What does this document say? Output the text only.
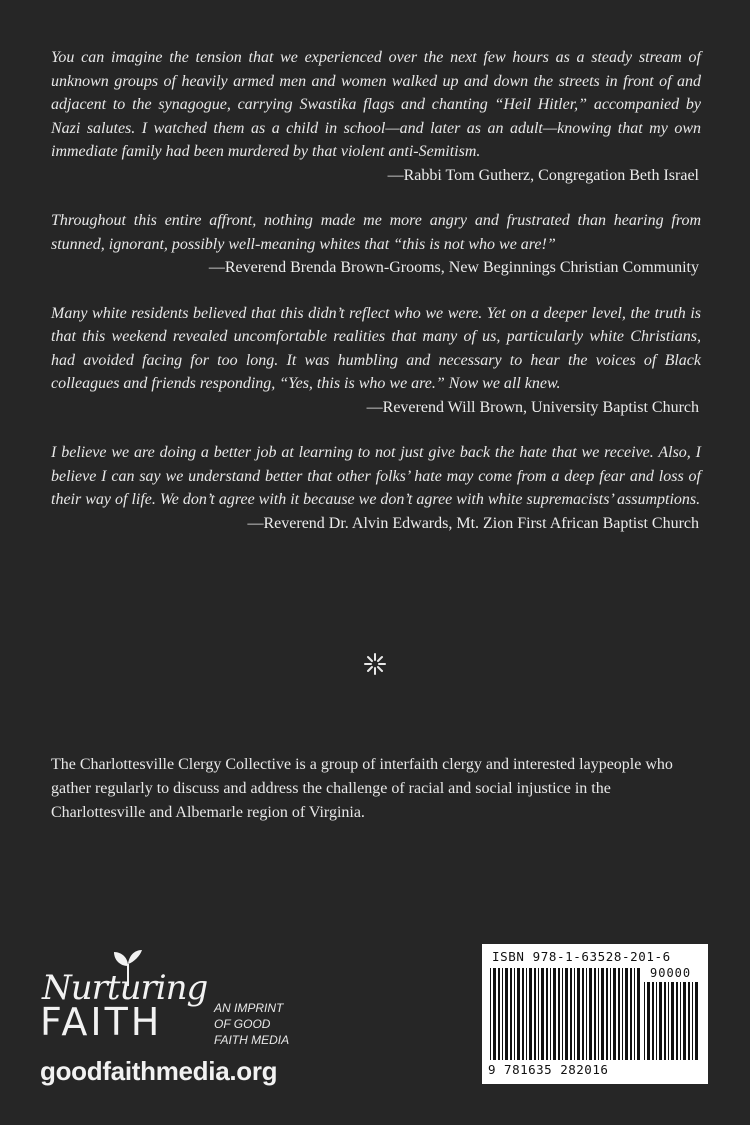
You can imagine the tension that we experienced over the next few hours as a steady stream of unknown groups of heavily armed men and women walked up and down the streets in front of and adjacent to the synagogue, carrying Swastika flags and chanting “Heil Hitler,” accompanied by Nazi salutes. I watched them as a child in school—and later as an adult—knowing that my own immediate family had been murdered by that violent anti-Semitism.

—Rabbi Tom Gutherz, Congregation Beth Israel

Throughout this entire affront, nothing made me more angry and frustrated than hearing from stunned, ignorant, possibly well-meaning whites that “this is not who we are!”

—Reverend Brenda Brown-Grooms, New Beginnings Christian Community

Many white residents believed that this didn’t reflect who we were. Yet on a deeper level, the truth is that this weekend revealed uncomfortable realities that many of us, particularly white Christians, had avoided facing for too long. It was humbling and necessary to hear the voices of Black colleagues and friends responding, “Yes, this is who we are.” Now we all knew.

—Reverend Will Brown, University Baptist Church

I believe we are doing a better job at learning to not just give back the hate that we receive. Also, I believe I can say we understand better that other folks’ hate may come from a deep fear and loss of their way of life. We don’t agree with it because we don’t agree with white supremacists’ assumptions.

—Reverend Dr. Alvin Edwards, Mt. Zion First African Baptist Church

The Charlottesville Clergy Collective is a group of interfaith clergy and interested laypeople who gather regularly to discuss and address the challenge of racial and social injustice in the Charlottesville and Albemarle region of Virginia.

Nurturing
FAITH	AN IMPRINT
OF GOOD
FAITH MEDIA
goodfaithmedia.org
ISBN 978-1-63528-201-6
90000
9 781635 282016
